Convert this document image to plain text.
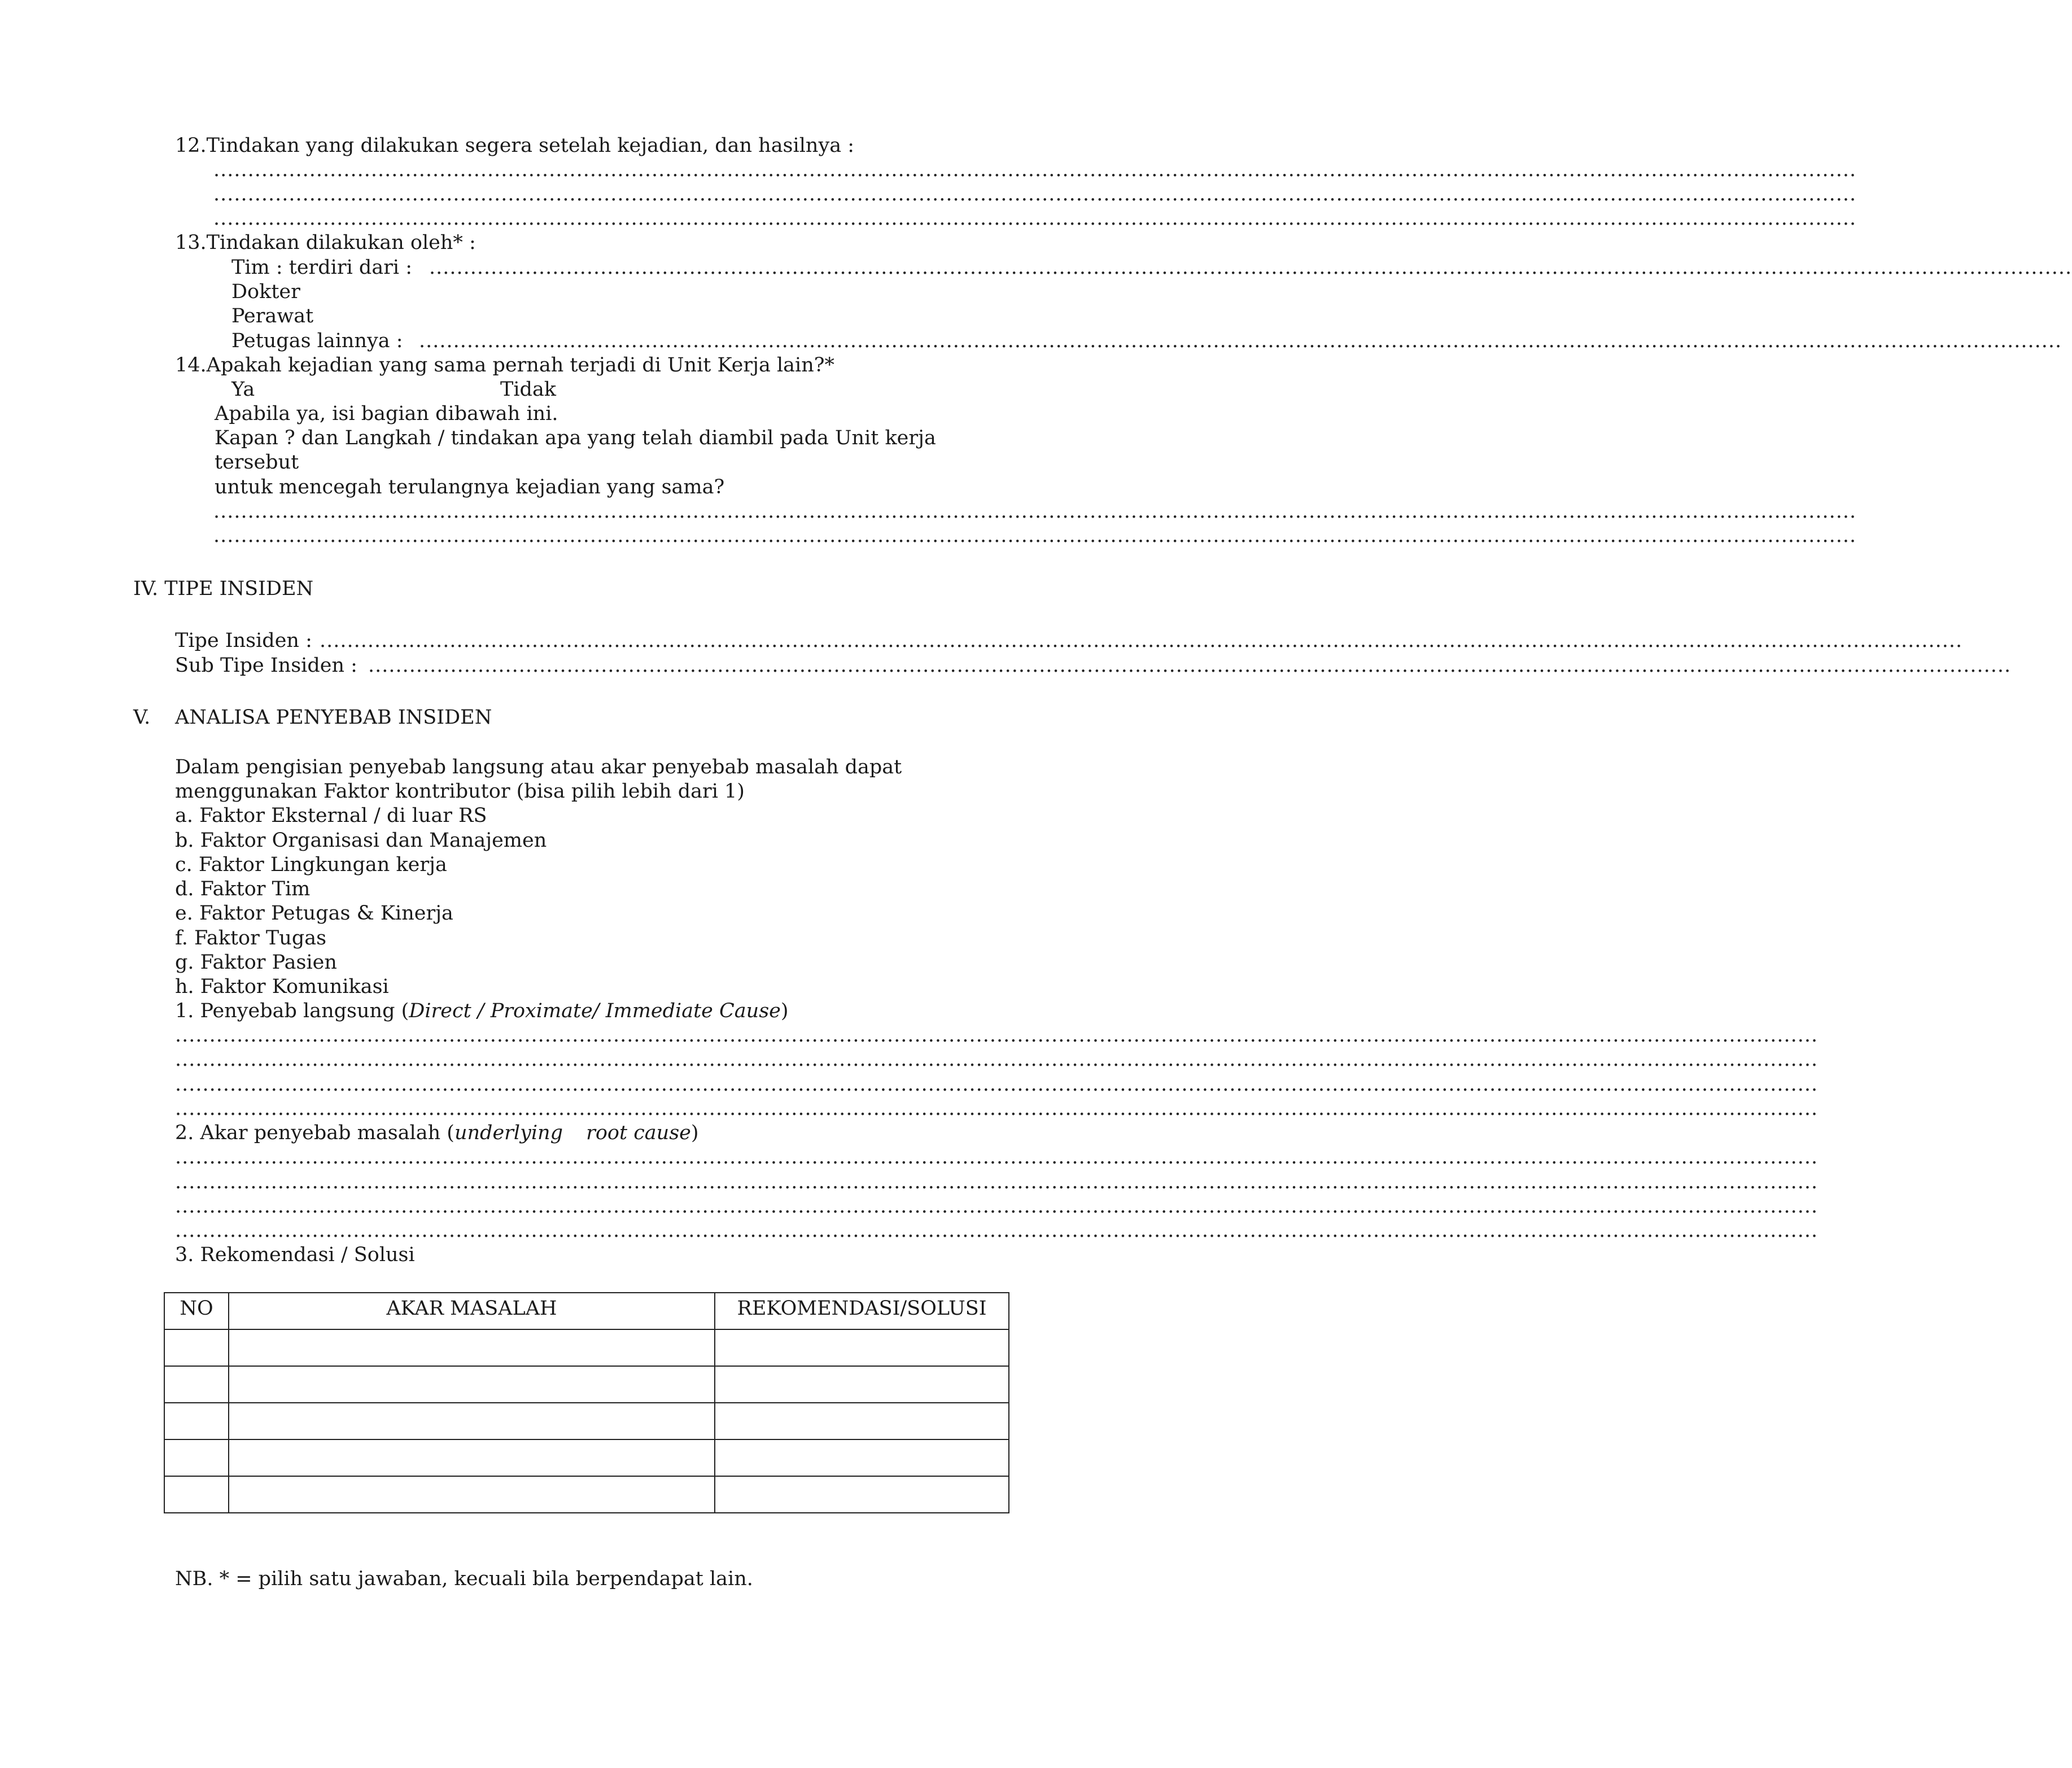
12.Tindakan yang dilakukan segera setelah kejadian, dan hasilnya :
................................................................................................................................................................................................................................................
................................................................................................................................................................................................................................................
................................................................................................................................................................................................................................................
13.Tindakan dilakukan oleh* :
Tim : terdiri dari : ................................................................................................................................................................................................................................................
Dokter
Perawat
Petugas lainnya : ................................................................................................................................................................................................................................................
14.Apakah kejadian yang sama pernah terjadi di Unit Kerja lain?*
Ya	Tidak
Apabila ya, isi bagian dibawah ini.
Kapan ? dan Langkah / tindakan apa yang telah diambil pada Unit kerja
tersebut
untuk mencegah terulangnya kejadian yang sama?
................................................................................................................................................................................................................................................
................................................................................................................................................................................................................................................
IV. TIPE INSIDEN
Tipe Insiden : ................................................................................................................................................................................................................................................
Sub Tipe Insiden : ................................................................................................................................................................................................................................................
V. ANALISA PENYEBAB INSIDEN
Dalam pengisian penyebab langsung atau akar penyebab masalah dapat
menggunakan Faktor kontributor (bisa pilih lebih dari 1)
a. Faktor Eksternal / di luar RS
b. Faktor Organisasi dan Manajemen
c. Faktor Lingkungan kerja
d. Faktor Tim
e. Faktor Petugas & Kinerja
f. Faktor Tugas
g. Faktor Pasien
h. Faktor Komunikasi
1. Penyebab langsung (Direct / Proximate/ Immediate Cause)
................................................................................................................................................................................................................................................
................................................................................................................................................................................................................................................
................................................................................................................................................................................................................................................
................................................................................................................................................................................................................................................
2. Akar penyebab masalah (underlying root cause)
................................................................................................................................................................................................................................................
................................................................................................................................................................................................................................................
................................................................................................................................................................................................................................................
................................................................................................................................................................................................................................................
3. Rekomendasi / Solusi
NO	AKAR MASALAH	REKOMENDASI/SOLUSI

NB. * = pilih satu jawaban, kecuali bila berpendapat lain.
